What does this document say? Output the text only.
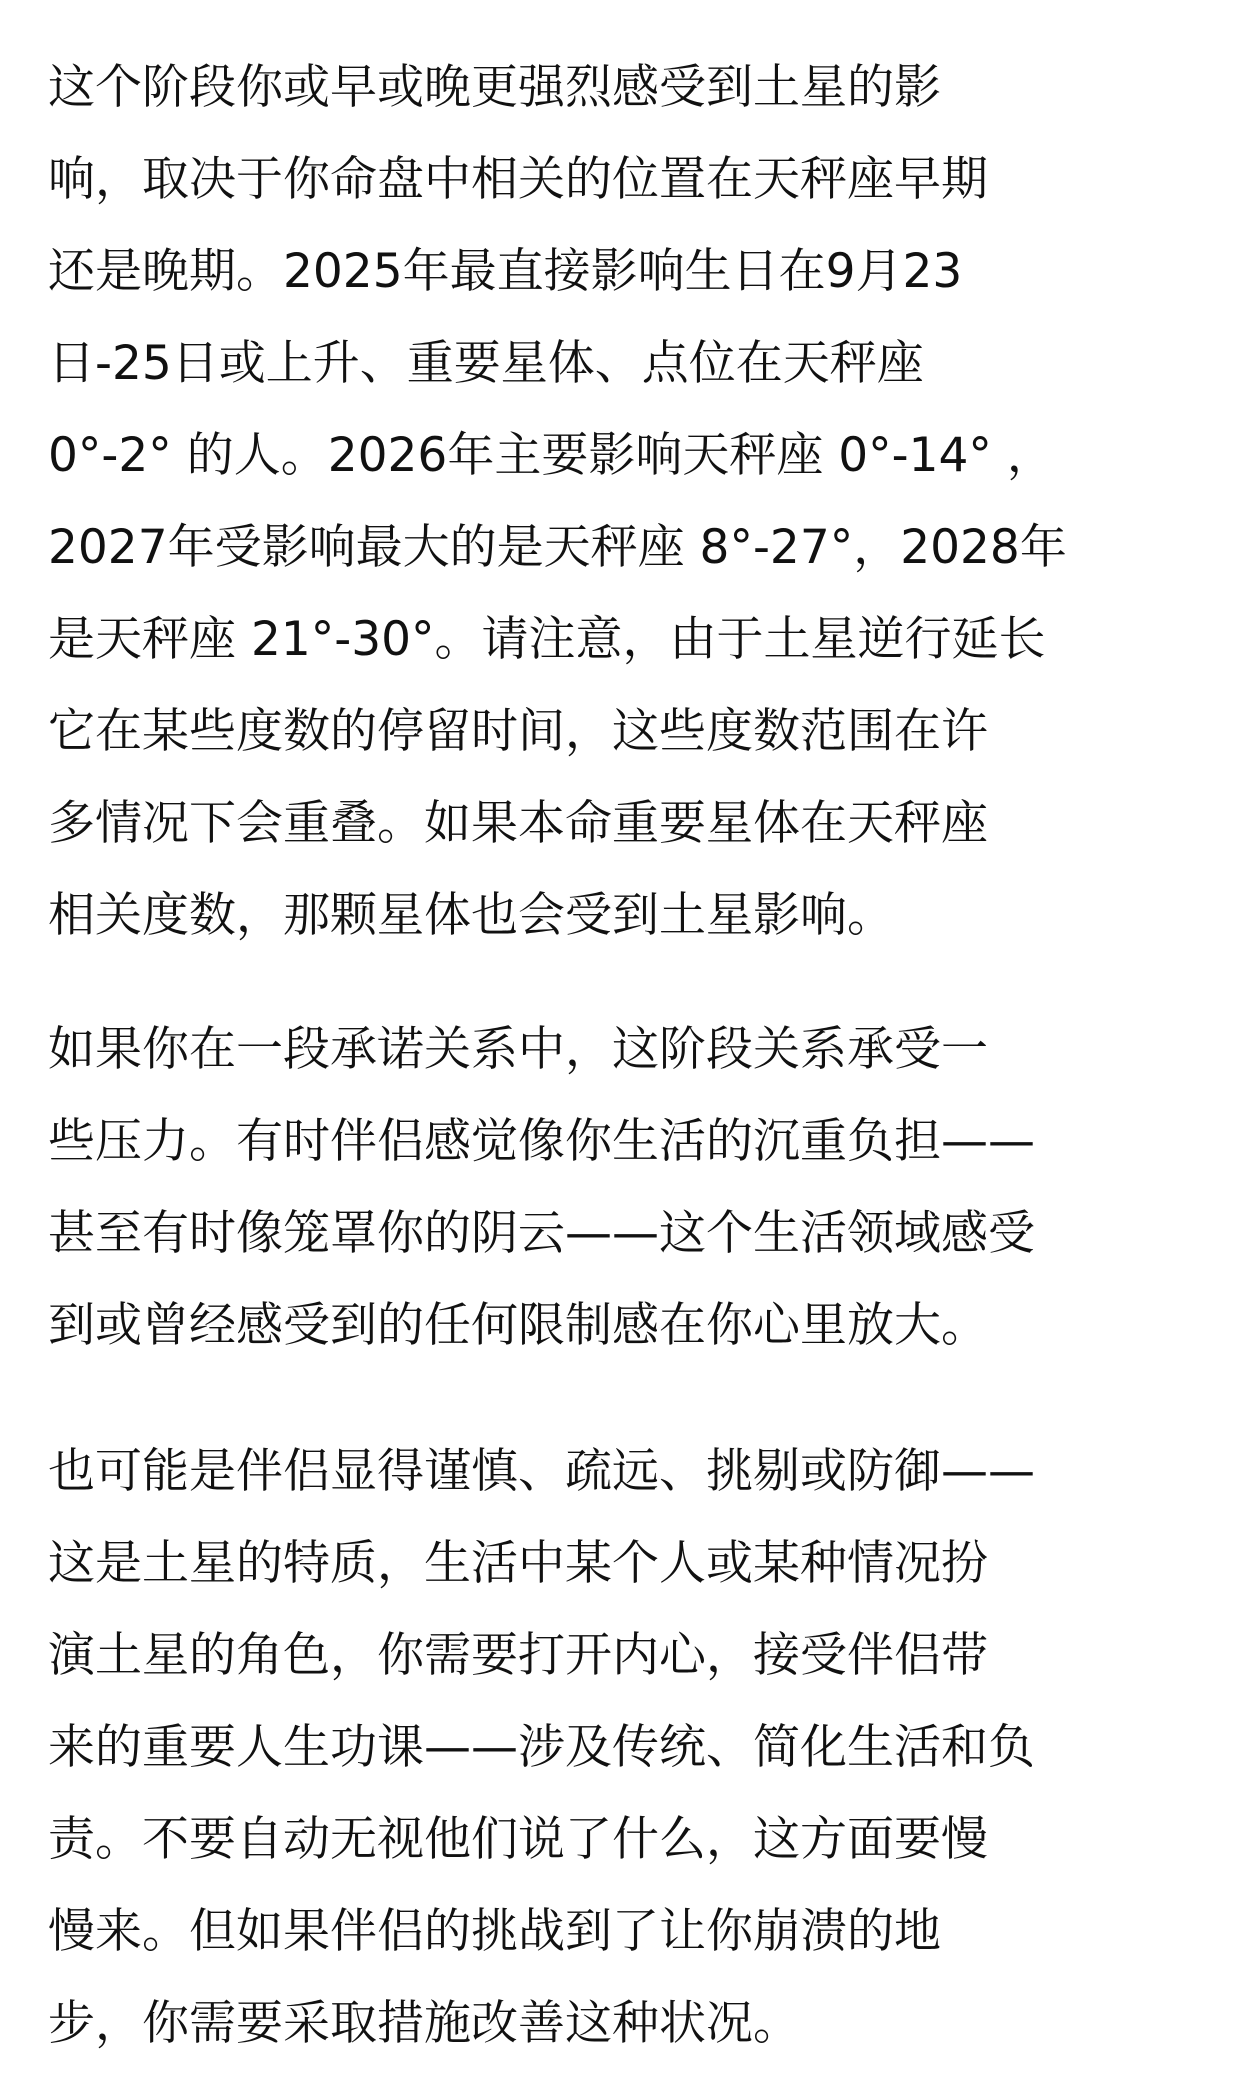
这个阶段你或早或晚更强烈感受到土星的影
响，取决于你命盘中相关的位置在天秤座早期
还是晚期。2025年最直接影响生日在9月23
日-25日或上升、重要星体、点位在天秤座
0°-2° 的人。2026年主要影响天秤座 0°-14° ，
2027年受影响最大的是天秤座 8°-27°，2028年
是天秤座 21°-30°。请注意，由于土星逆行延长
它在某些度数的停留时间，这些度数范围在许
多情况下会重叠。如果本命重要星体在天秤座
相关度数，那颗星体也会受到土星影响。
如果你在一段承诺关系中，这阶段关系承受一
些压力。有时伴侣感觉像你生活的沉重负担——
甚至有时像笼罩你的阴云——这个生活领域感受
到或曾经感受到的任何限制感在你心里放大。
也可能是伴侣显得谨慎、疏远、挑剔或防御——
这是土星的特质，生活中某个人或某种情况扮
演土星的角色，你需要打开内心，接受伴侣带
来的重要人生功课——涉及传统、简化生活和负
责。不要自动无视他们说了什么，这方面要慢
慢来。但如果伴侣的挑战到了让你崩溃的地
步，你需要采取措施改善这种状况。
